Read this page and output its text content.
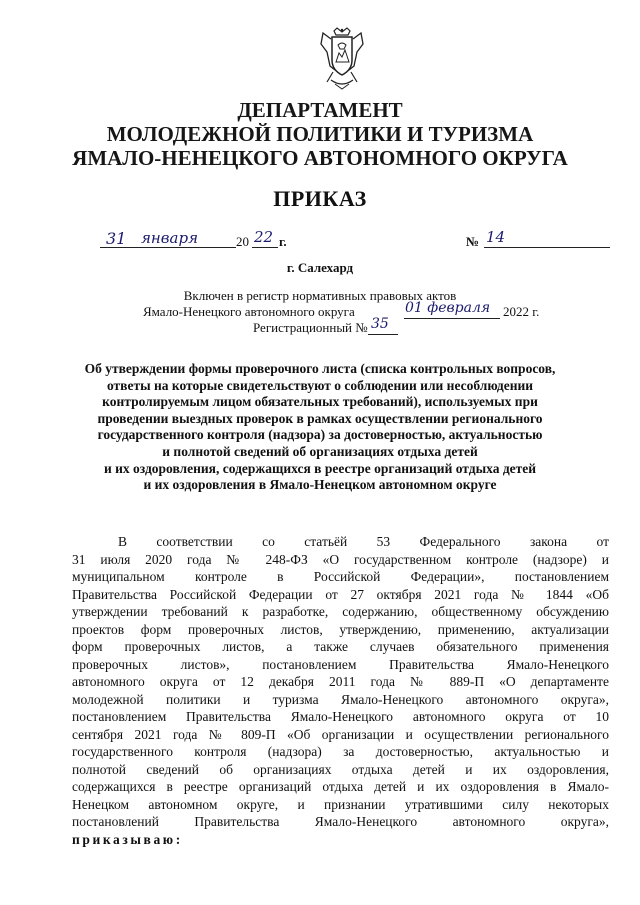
ДЕПАРТАМЕНТ
МОЛОДЕЖНОЙ ПОЛИТИКИ И ТУРИЗМА
ЯМАЛО-НЕНЕЦКОГО АВТОНОМНОГО ОКРУГА
ПРИКАЗ
31 января	20 22 г.	№ 14
г. Салехард
Включен в регистр нормативных правовых актов
Ямало-Ненецкого автономного округа	01 февраля 2022 г.
Регистрационный № 35
Об утверждении формы проверочного листа (списка контрольных вопросов,
ответы на которые свидетельствуют о соблюдении или несоблюдении
контролируемым лицом обязательных требований), используемых при
проведении выездных проверок в рамках осуществлении регионального
государственного контроля (надзора) за достоверностью, актуальностью
и полнотой сведений об организациях отдыха детей
и их оздоровления, содержащихся в реестре организаций отдыха детей
и их оздоровления в Ямало-Ненецком автономном округе
В соответствии со статьёй 53 Федерального закона от
31 июля 2020 года № 248-ФЗ «О государственном контроле (надзоре) и
муниципальном контроле в Российской Федерации», постановлением
Правительства Российской Федерации от 27 октября 2021 года № 1844 «Об
утверждении требований к разработке, содержанию, общественному обсуждению
проектов форм проверочных листов, утверждению, применению, актуализации
форм проверочных листов, а также случаев обязательного применения
проверочных листов», постановлением Правительства Ямало-Ненецкого
автономного округа от 12 декабря 2011 года № 889-П «О департаменте
молодежной политики и туризма Ямало-Ненецкого автономного округа»,
постановлением Правительства Ямало-Ненецкого автономного округа от 10
сентября 2021 года № 809-П «Об организации и осуществлении регионального
государственного контроля (надзора) за достоверностью, актуальностью и
полнотой сведений об организациях отдыха детей и их оздоровления,
содержащихся в реестре организаций отдыха детей и их оздоровления в Ямало-
Ненецком автономном округе, и признании утратившими силу некоторых
постановлений Правительства Ямало-Ненецкого автономного округа»,
приказываю:
